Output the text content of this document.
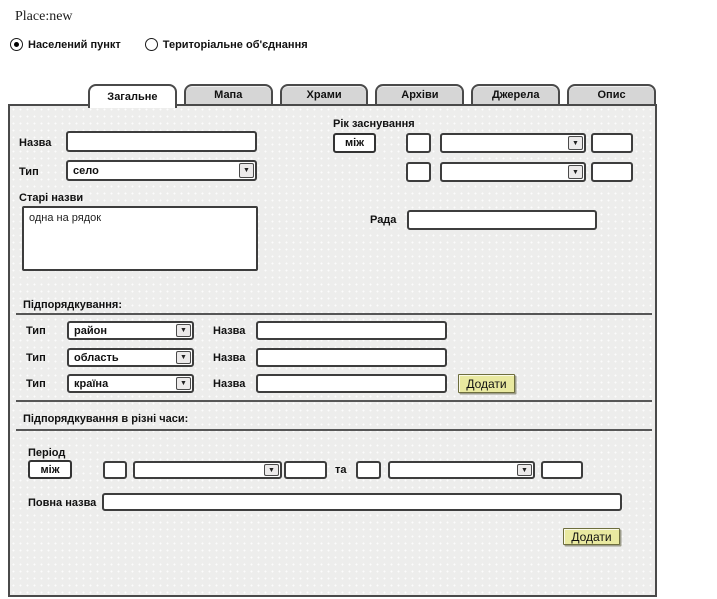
Place:new
Населений пункт	Територіальне об'єднання
Загальне	Мапа	Храми	Архіви	Джерела	Опис
Назва
Тип	село	▼
Старі назви
одна на рядок
Рік заснування
між	▼
▼
Рада
Підпорядкування:
Тип	район	▼	Назва
Тип	область	▼	Назва
Тип	країна	▼	Назва	Додати
Підпорядкування в різні часи:
Період
між	▼	та	▼
Повна назва
Додати
